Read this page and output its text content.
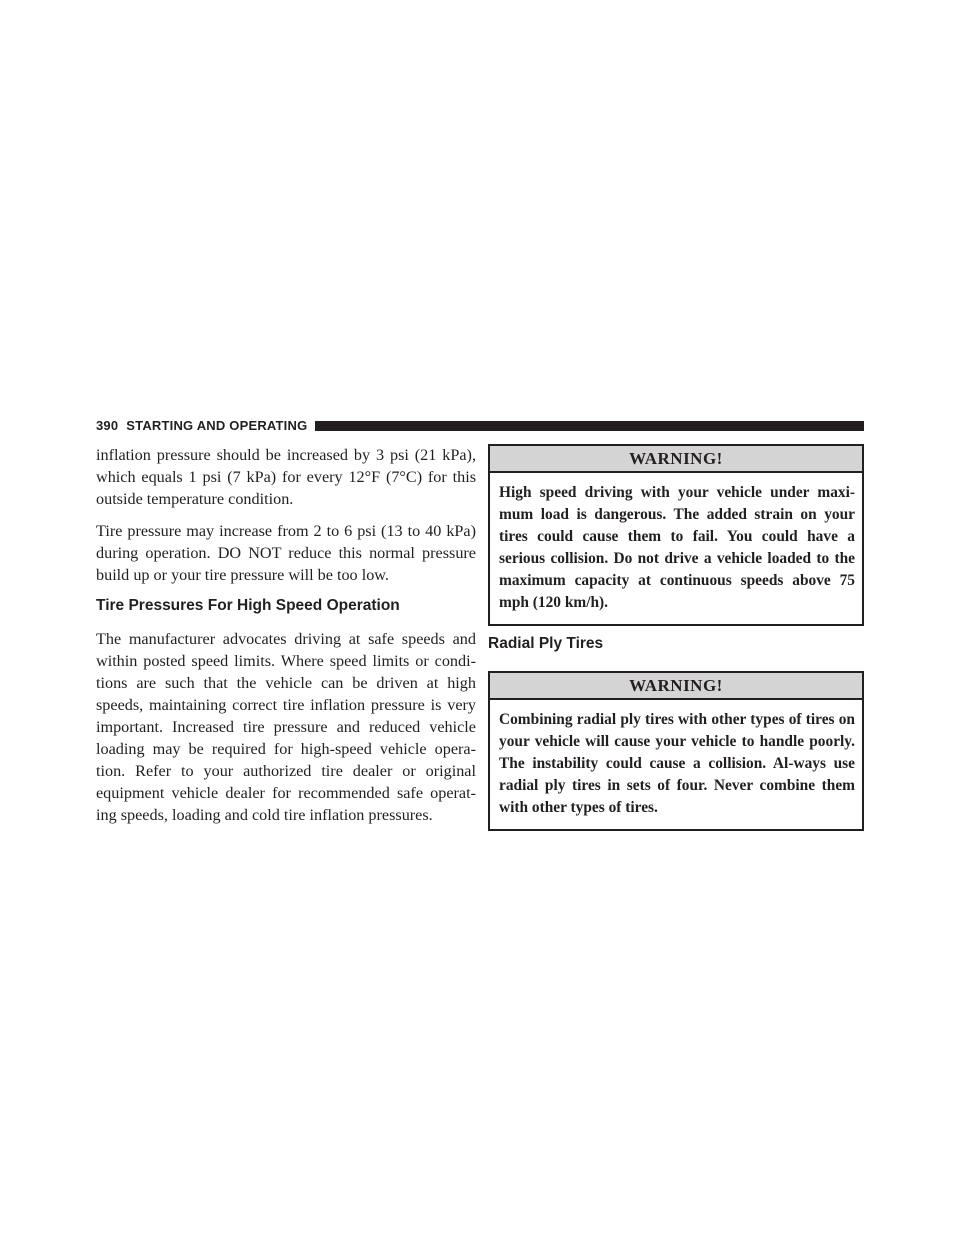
390 STARTING AND OPERATING

inflation pressure should be increased by 3 psi (21 kPa), which equals 1 psi (7 kPa) for every 12°F (7°C) for this outside temperature condition.

Tire pressure may increase from 2 to 6 psi (13 to 40 kPa) during operation. DO NOT reduce this normal pressure build up or your tire pressure will be too low.

Tire Pressures For High Speed Operation

The manufacturer advocates driving at safe speeds and within posted speed limits. Where speed limits or condi-tions are such that the vehicle can be driven at high speeds, maintaining correct tire inflation pressure is very important. Increased tire pressure and reduced vehicle loading may be required for high-speed vehicle opera-tion. Refer to your authorized tire dealer or original equipment vehicle dealer for recommended safe operat-ing speeds, loading and cold tire inflation pressures.

WARNING!
High speed driving with your vehicle under maxi-mum load is dangerous. The added strain on your tires could cause them to fail. You could have a serious collision. Do not drive a vehicle loaded to the maximum capacity at continuous speeds above 75 mph (120 km/h).
Radial Ply Tires
WARNING!
Combining radial ply tires with other types of tires on your vehicle will cause your vehicle to handle poorly. The instability could cause a collision. Al-ways use radial ply tires in sets of four. Never combine them with other types of tires.
